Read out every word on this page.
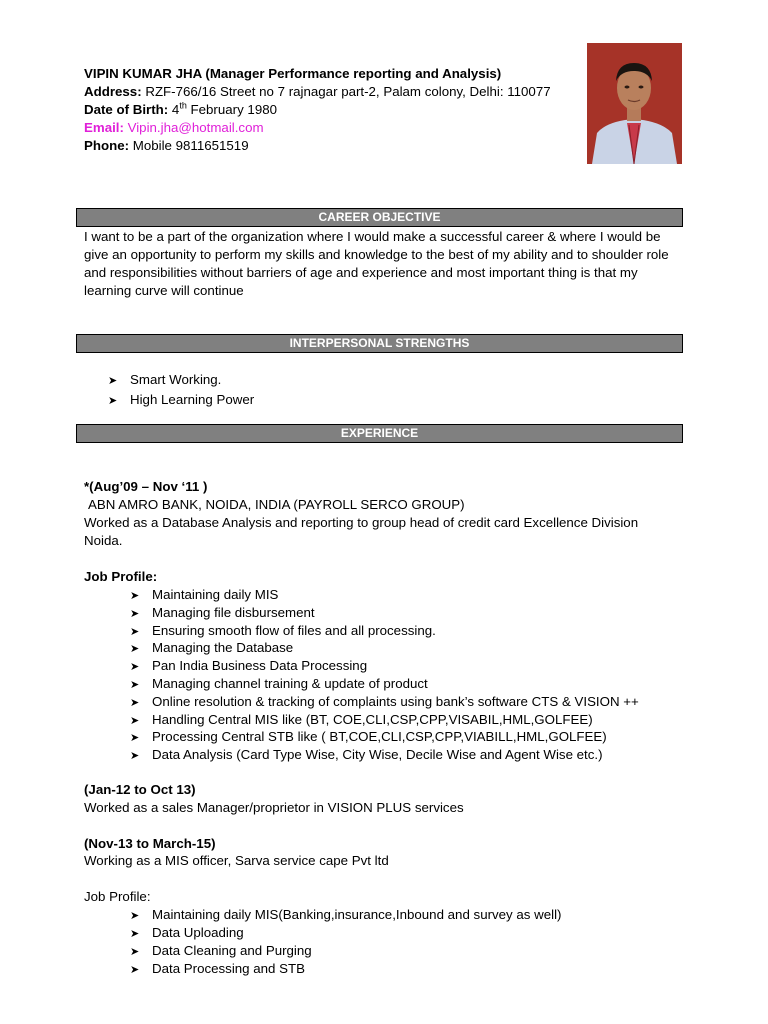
VIPIN KUMAR JHA (Manager Performance reporting and Analysis)
Address: RZF-766/16 Street no 7 rajnagar part-2, Palam colony, Delhi: 110077
Date of Birth: 4th February 1980
Email: Vipin.jha@hotmail.com
Phone: Mobile 9811651519
CAREER OBJECTIVE
I want to be a part of the organization where I would make a successful career & where I would be give an opportunity to perform my skills and knowledge to the best of my ability and to shoulder role and responsibilities without barriers of age and experience and most important thing is that my learning curve will continue
INTERPERSONAL STRENGTHS
➤ Smart Working.
➤ High Learning Power
EXPERIENCE
*(Aug’09 – Nov ‘11 )
ABN AMRO BANK, NOIDA, INDIA (PAYROLL SERCO GROUP)
Worked as a Database Analysis and reporting to group head of credit card Excellence Division
Noida.
Job Profile:
➤ Maintaining daily MIS
➤ Managing file disbursement
➤ Ensuring smooth flow of files and all processing.
➤ Managing the Database
➤ Pan India Business Data Processing
➤ Managing channel training & update of product
➤ Online resolution & tracking of complaints using bank’s software CTS & VISION ++
➤ Handling Central MIS like (BT, COE,CLI,CSP,CPP,VISABIL,HML,GOLFEE)
➤ Processing Central STB like ( BT,COE,CLI,CSP,CPP,VIABILL,HML,GOLFEE)
➤ Data Analysis (Card Type Wise, City Wise, Decile Wise and Agent Wise etc.)
(Jan-12 to Oct 13)
Worked as a sales Manager/proprietor in VISION PLUS services
(Nov-13 to March-15)
Working as a MIS officer, Sarva service cape Pvt ltd
Job Profile:
➤ Maintaining daily MIS(Banking,insurance,Inbound and survey as well)
➤ Data Uploading
➤ Data Cleaning and Purging
➤ Data Processing and STB
